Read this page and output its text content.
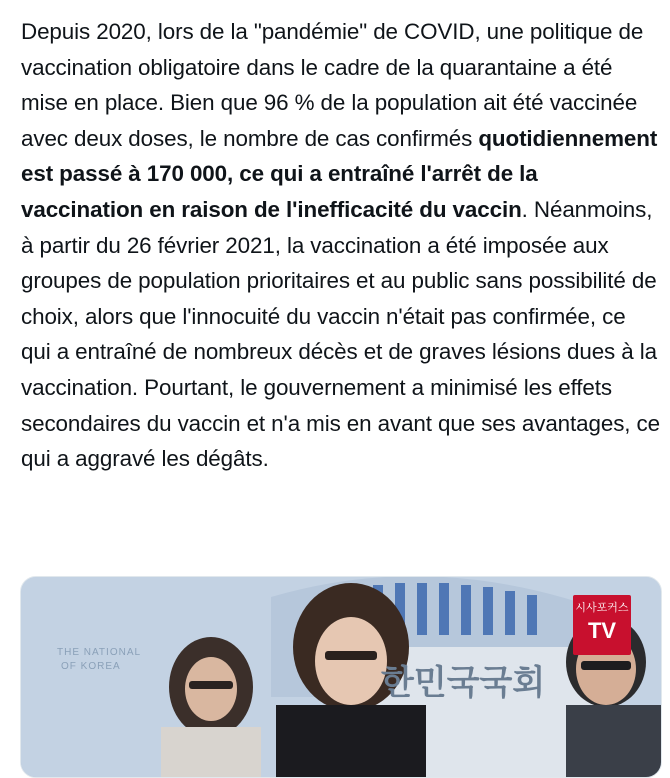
Depuis 2020, lors de la "pandémie" de COVID, une politique de vaccination obligatoire dans le cadre de la quarantaine a été mise en place. Bien que 96 % de la population ait été vaccinée avec deux doses, le nombre de cas confirmés quotidiennement est passé à 170 000, ce qui a entraîné l'arrêt de la vaccination en raison de l'inefficacité du vaccin. Néanmoins, à partir du 26 février 2021, la vaccination a été imposée aux groupes de population prioritaires et au public sans possibilité de choix, alors que l'innocuité du vaccin n'était pas confirmée, ce qui a entraîné de nombreux décès et de graves lésions dues à la vaccination. Pourtant, le gouvernement a minimisé les effets secondaires du vaccin et n'a mis en avant que ses avantages, ce qui a aggravé les dégâts.

THE NATIONAL
OF KOREA	한민국국회
시사포커스
TV
